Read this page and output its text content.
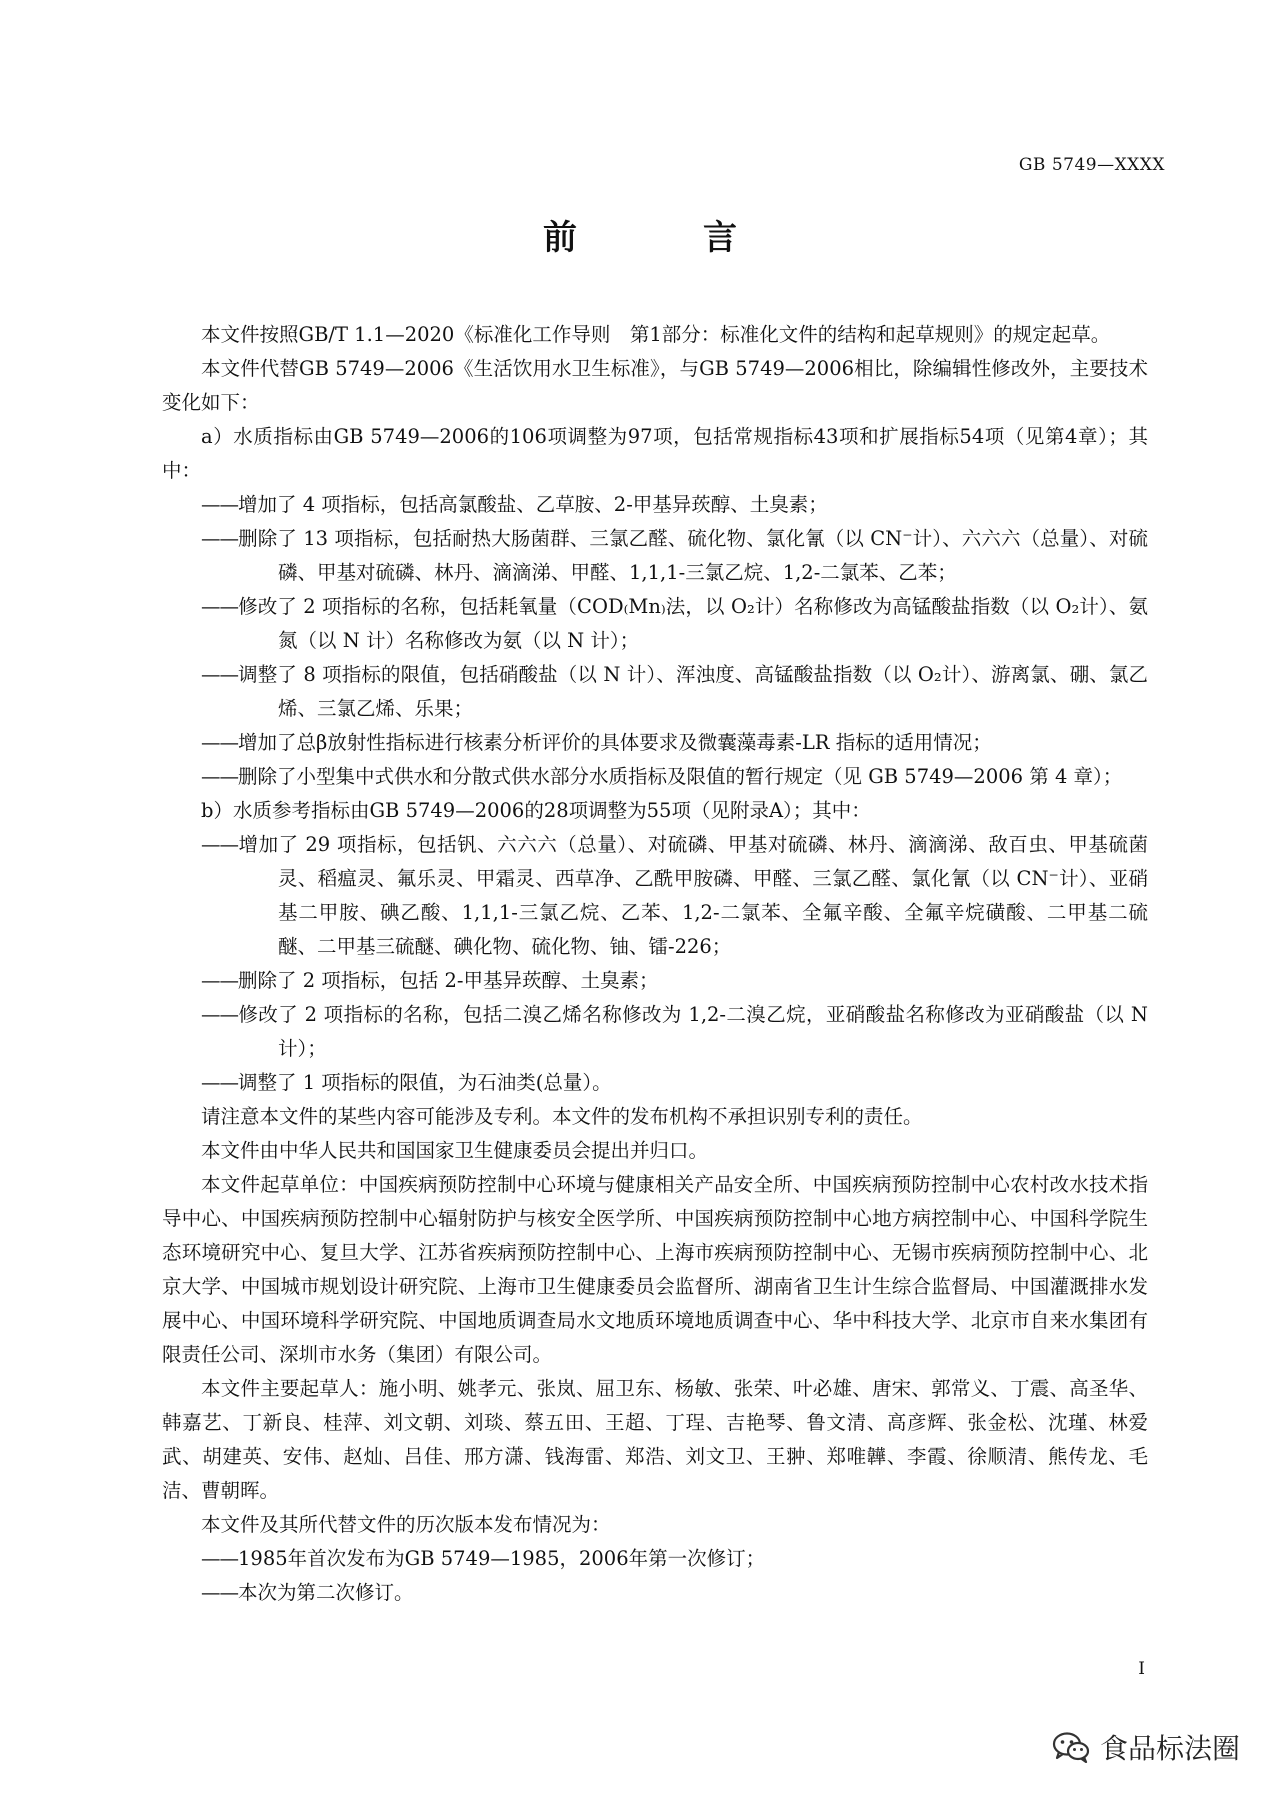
GB 5749—XXXX
前　言
本文件按照GB/T 1.1—2020《标准化工作导则　第1部分：标准化文件的结构和起草规则》的规定起草。
本文件代替GB 5749—2006《生活饮用水卫生标准》，与GB 5749—2006相比，除编辑性修改外，主要技术变化如下：
a）水质指标由GB 5749—2006的106项调整为97项，包括常规指标43项和扩展指标54项（见第4章）；其中：
——增加了 4 项指标，包括高氯酸盐、乙草胺、2-甲基异莰醇、土臭素；
——删除了 13 项指标，包括耐热大肠菌群、三氯乙醛、硫化物、氯化氰（以 CN⁻计）、六六六（总量）、对硫磷、甲基对硫磷、林丹、滴滴涕、甲醛、1,1,1-三氯乙烷、1,2-二氯苯、乙苯；
——修改了 2 项指标的名称，包括耗氧量（COD₍Mn₎法，以 O₂计）名称修改为高锰酸盐指数（以 O₂计）、氨氮（以 N 计）名称修改为氨（以 N 计）；
——调整了 8 项指标的限值，包括硝酸盐（以 N 计）、浑浊度、高锰酸盐指数（以 O₂计）、游离氯、硼、氯乙烯、三氯乙烯、乐果；
——增加了总β放射性指标进行核素分析评价的具体要求及微囊藻毒素-LR 指标的适用情况；
——删除了小型集中式供水和分散式供水部分水质指标及限值的暂行规定（见 GB 5749—2006 第 4 章）；
b）水质参考指标由GB 5749—2006的28项调整为55项（见附录A）；其中：
——增加了 29 项指标，包括钒、六六六（总量）、对硫磷、甲基对硫磷、林丹、滴滴涕、敌百虫、甲基硫菌灵、稻瘟灵、氟乐灵、甲霜灵、西草净、乙酰甲胺磷、甲醛、三氯乙醛、氯化氰（以 CN⁻计）、亚硝基二甲胺、碘乙酸、1,1,1-三氯乙烷、乙苯、1,2-二氯苯、全氟辛酸、全氟辛烷磺酸、二甲基二硫醚、二甲基三硫醚、碘化物、硫化物、铀、镭-226；
——删除了 2 项指标，包括 2-甲基异莰醇、土臭素；
——修改了 2 项指标的名称，包括二溴乙烯名称修改为 1,2-二溴乙烷，亚硝酸盐名称修改为亚硝酸盐（以 N 计）；
——调整了 1 项指标的限值，为石油类(总量）。
请注意本文件的某些内容可能涉及专利。本文件的发布机构不承担识别专利的责任。
本文件由中华人民共和国国家卫生健康委员会提出并归口。
本文件起草单位：中国疾病预防控制中心环境与健康相关产品安全所、中国疾病预防控制中心农村改水技术指导中心、中国疾病预防控制中心辐射防护与核安全医学所、中国疾病预防控制中心地方病控制中心、中国科学院生态环境研究中心、复旦大学、江苏省疾病预防控制中心、上海市疾病预防控制中心、无锡市疾病预防控制中心、北京大学、中国城市规划设计研究院、上海市卫生健康委员会监督所、湖南省卫生计生综合监督局、中国灌溉排水发展中心、中国环境科学研究院、中国地质调查局水文地质环境地质调查中心、华中科技大学、北京市自来水集团有限责任公司、深圳市水务（集团）有限公司。
本文件主要起草人：施小明、姚孝元、张岚、屈卫东、杨敏、张荣、叶必雄、唐宋、郭常义、丁震、高圣华、韩嘉艺、丁新良、桂萍、刘文朝、刘琰、蔡五田、王超、丁珵、吉艳琴、鲁文清、高彦辉、张金松、沈瑾、林爱武、胡建英、安伟、赵灿、吕佳、邢方潇、钱海雷、郑浩、刘文卫、王翀、郑唯韡、李霞、徐顺清、熊传龙、毛洁、曹朝晖。
本文件及其所代替文件的历次版本发布情况为：
——1985年首次发布为GB 5749—1985，2006年第一次修订；
——本次为第二次修订。
I
食品标法圈
